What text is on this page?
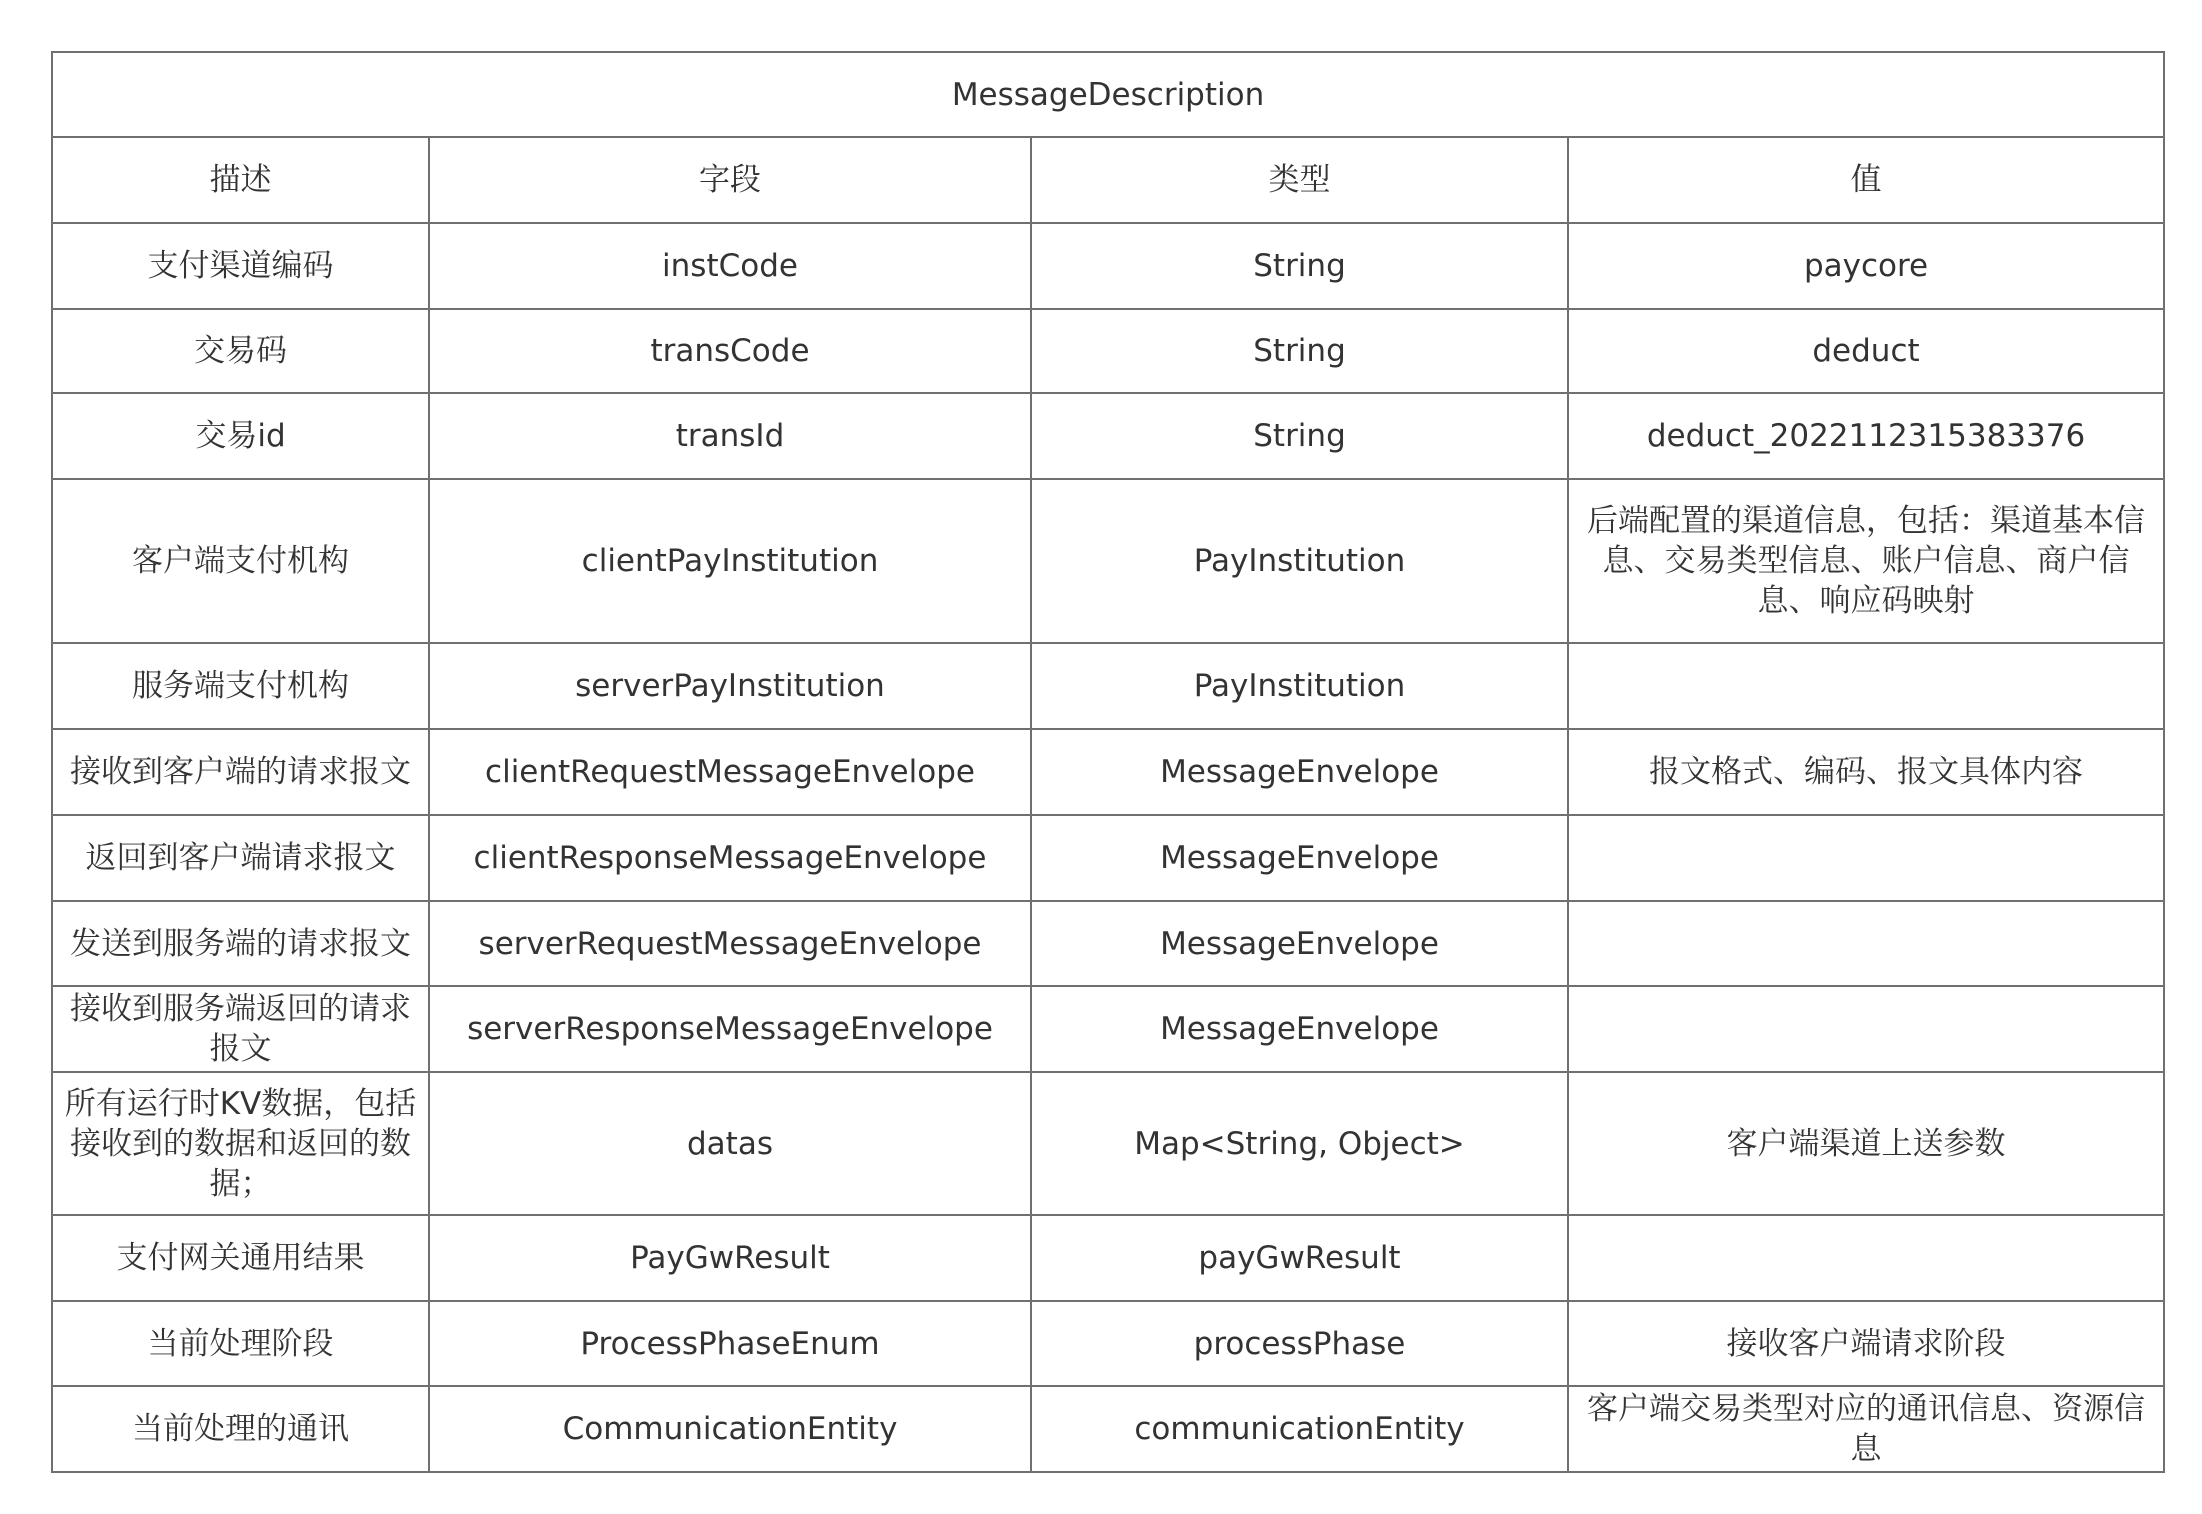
MessageDescription			
描述	字段	类型	值
支付渠道编码	instCode	String	paycore
交易码	transCode	String	deduct
交易id	transId	String	deduct_2022112315383376
客户端支付机构	clientPayInstitution	PayInstitution	后端配置的渠道信息，包括：渠道基本信息、交易类型信息、账户信息、商户信息、响应码映射
服务端支付机构	serverPayInstitution	PayInstitution	
接收到客户端的请求报文	clientRequestMessageEnvelope	MessageEnvelope	报文格式、编码、报文具体内容
返回到客户端请求报文	clientResponseMessageEnvelope	MessageEnvelope	
发送到服务端的请求报文	serverRequestMessageEnvelope	MessageEnvelope	
接收到服务端返回的请求报文	serverResponseMessageEnvelope	MessageEnvelope	
所有运行时KV数据，包括接收到的数据和返回的数据；	datas	Map<String, Object>	客户端渠道上送参数
支付网关通用结果	PayGwResult	payGwResult	
当前处理阶段	ProcessPhaseEnum	processPhase	接收客户端请求阶段
当前处理的通讯	CommunicationEntity	communicationEntity	客户端交易类型对应的通讯信息、资源信息
